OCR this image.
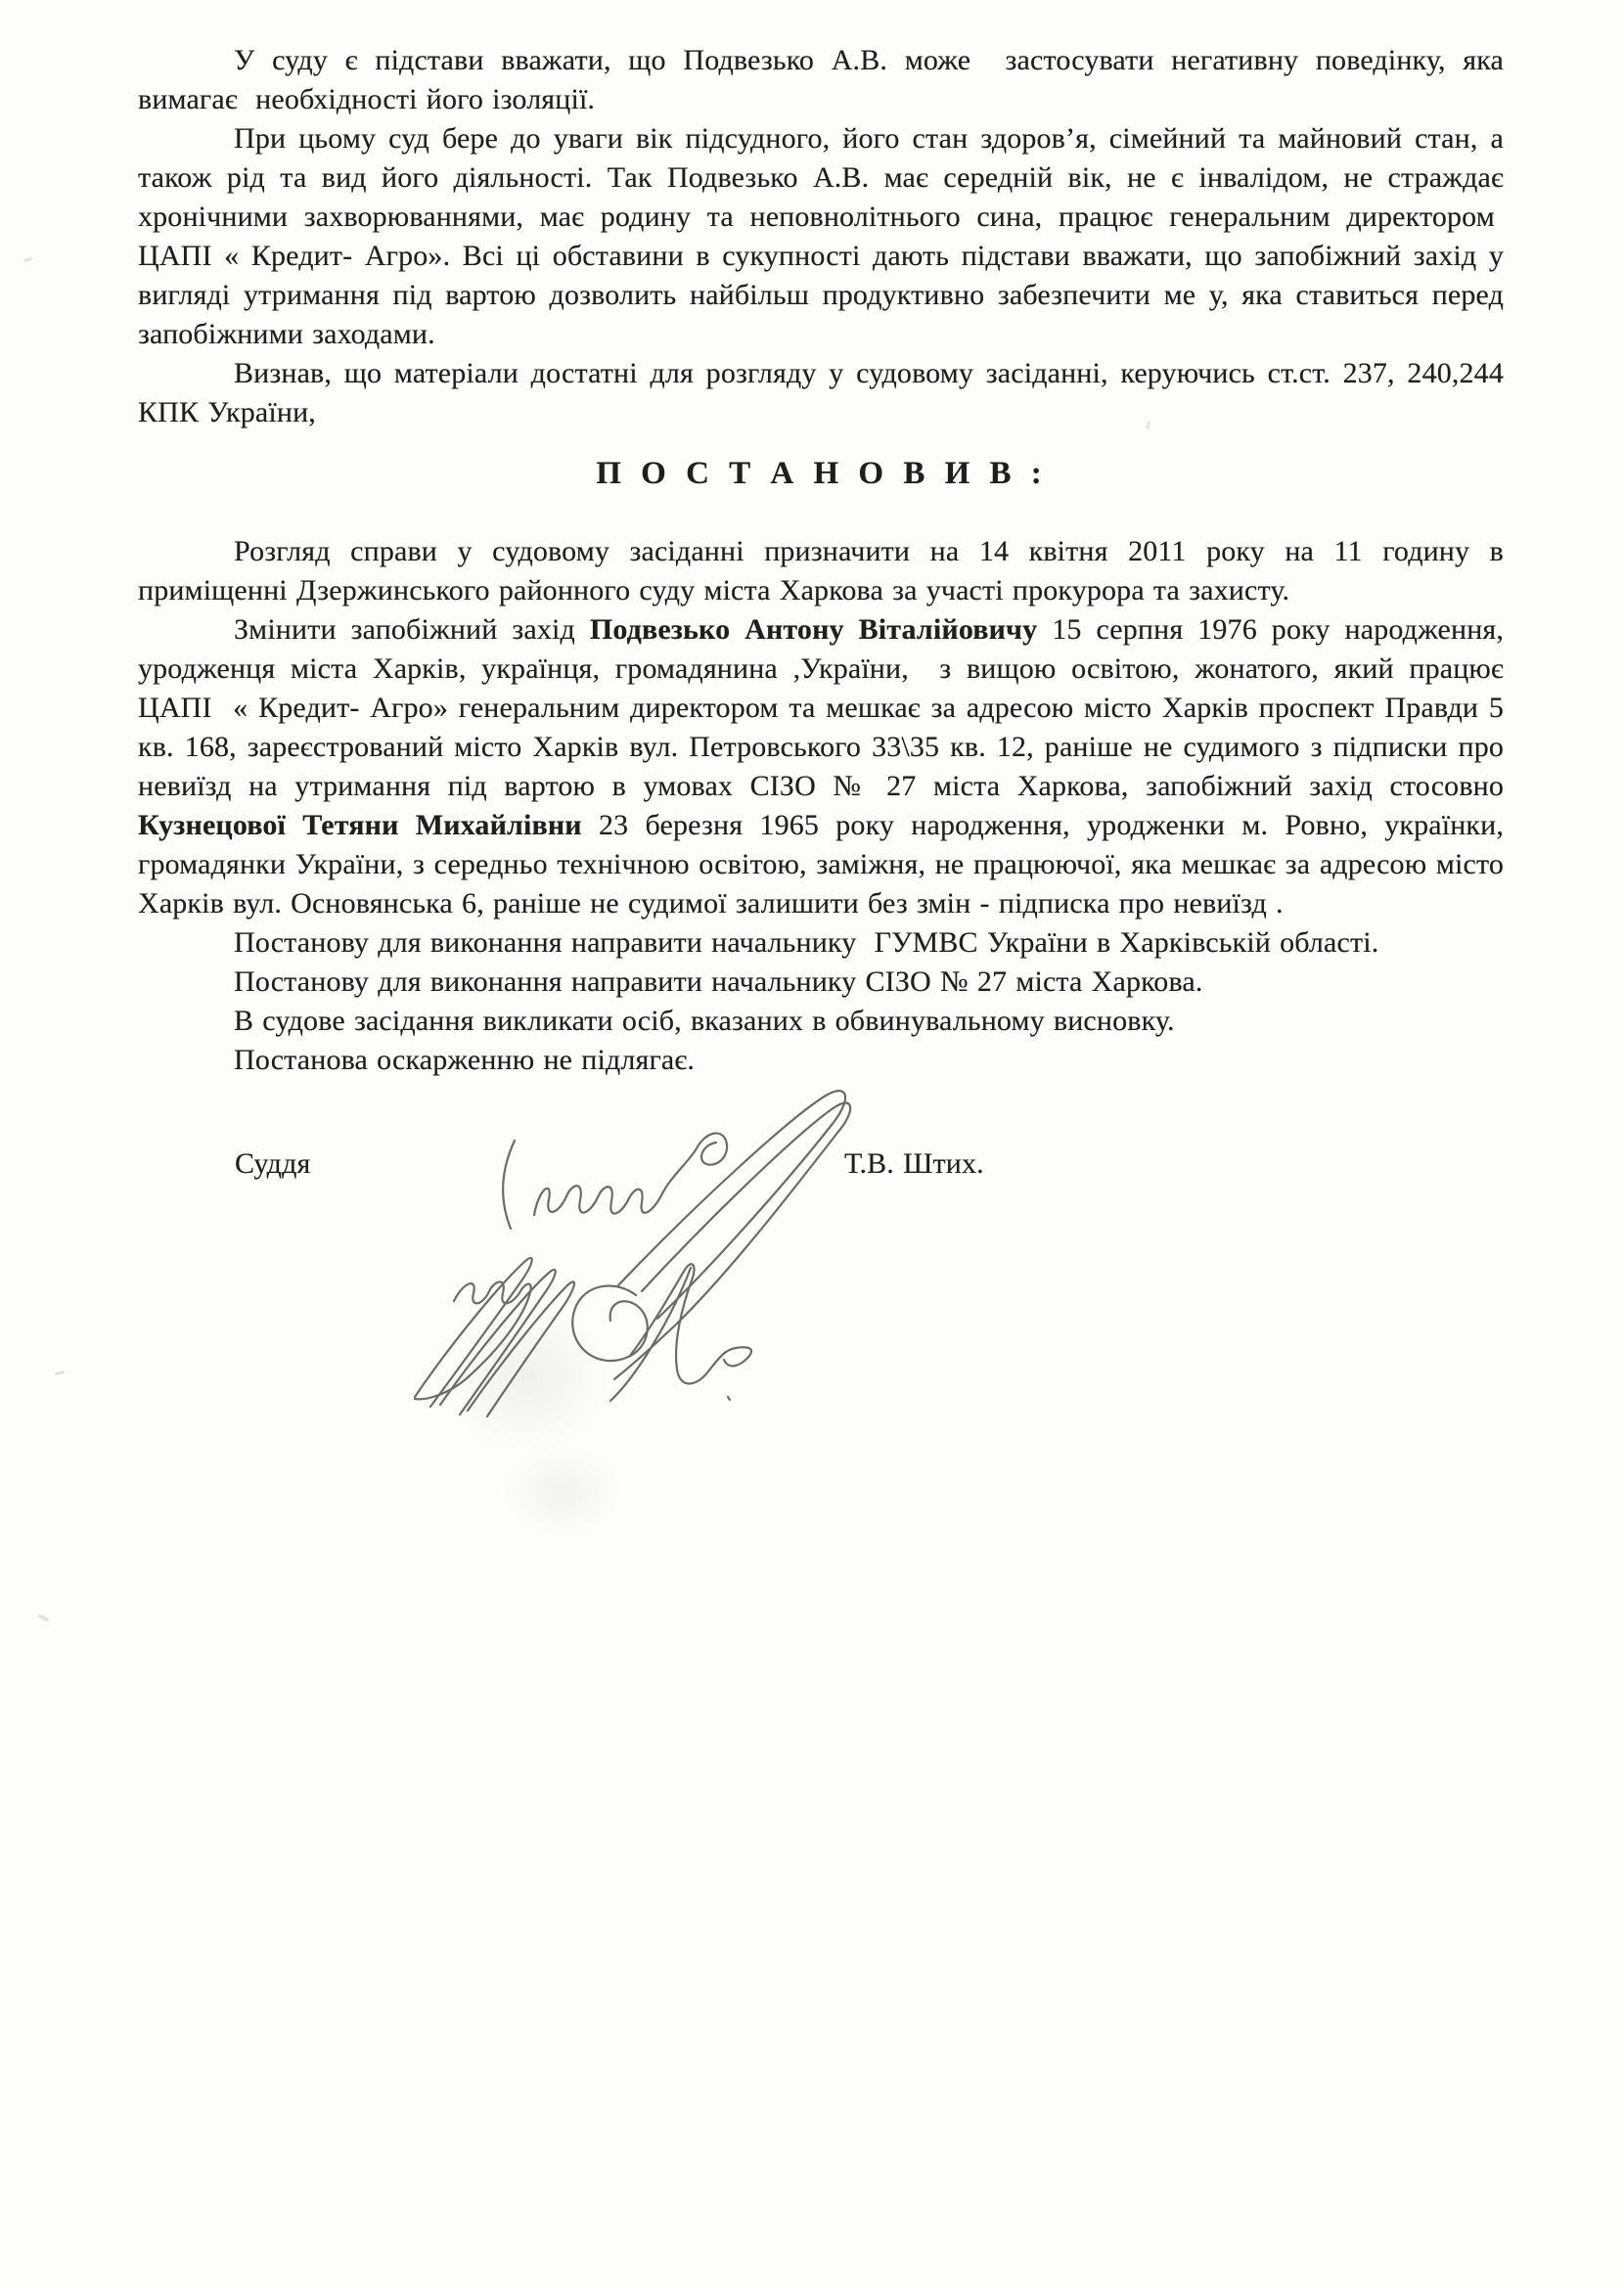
У суду є підстави вважати, що Подвезько А.В. може  застосувати негативну поведінку, яка вимагає  необхідності його ізоляції.
При цьому суд бере до уваги вік підсудного, його стан здоров’я, сімейний та майновий стан, а також рід та вид його діяльності. Так Подвезько А.В. має середній вік, не є інвалідом, не страждає хронічними захворюваннями, має родину та неповнолітнього сина, працює генеральним директором  ЦАПІ « Кредит- Агро». Всі ці обставини в сукупності дають підстави вважати, що запобіжний захід у вигляді утримання під вартою дозволить найбільш продуктивно забезпечити ме у, яка ставиться перед запобіжними заходами.
Визнав, що матеріали достатні для розгляду у судовому засіданні, керуючись ст.ст. 237, 240,244 КПК України,
П О С Т А Н О В И В :
Розгляд справи у судовому засіданні призначити на 14 квітня 2011 року на 11 годину в приміщенні Дзержинського районного суду міста Харкова за участі прокурора та захисту.
Змінити запобіжний захід Подвезько Антону Віталійовичу 15 серпня 1976 року народження, уродженця міста Харків, українця, громадянина ,України,  з вищою освітою, жонатого, який працює ЦАПІ  « Кредит- Агро» генеральним директором та мешкає за адресою місто Харків проспект Правди 5 кв. 168, зареєстрований місто Харків вул. Петровського 33\35 кв. 12, раніше не судимого з підписки про невиїзд на утримання під вартою в умовах СІЗО № 27 міста Харкова, запобіжний захід стосовно Кузнецової Тетяни Михайлівни 23 березня 1965 року народження, уродженки м. Ровно, українки, громадянки України, з середньо технічною освітою, заміжня, не працюючої, яка мешкає за адресою місто Харків вул. Основянська 6, раніше не судимої залишити без змін - підписка про невиїзд .
Постанову для виконання направити начальнику  ГУМВС України в Харківській області.
Постанову для виконання направити начальнику СІЗО № 27 міста Харкова.
В судове засідання викликати осіб, вказаних в обвинувальному висновку.
Постанова оскарженню не підлягає.
Суддя	Т.В. Штих.
